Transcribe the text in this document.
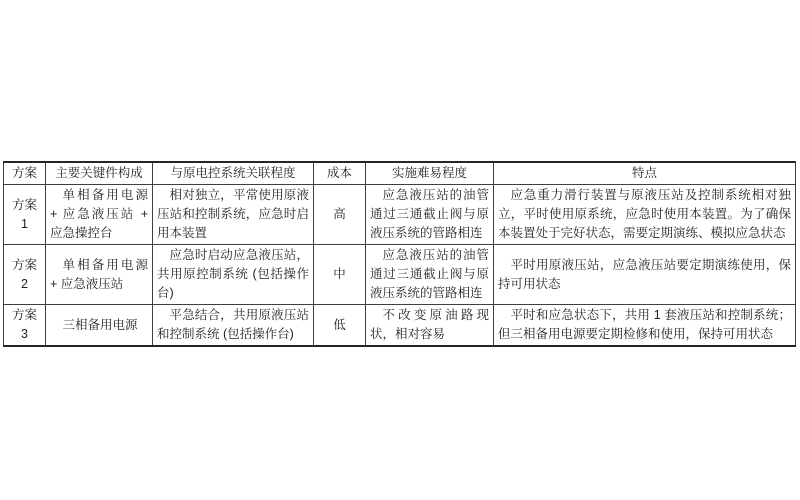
方案	主要关键件构成	与原电控系统关联程度	成本	实施难易程度	特点
方案 1	单相备用电源 + 应急液压站 + 应急操控台	相对独立，平常使用原液压站和控制系统，应急时启用本装置	高	应急液压站的油管通过三通截止阀与原液压系统的管路相连	应急重力滑行装置与原液压站及控制系统相对独立，平时使用原系统，应急时使用本装置。为了确保本装置处于完好状态，需要定期演练、模拟应急状态
方案 2	单相备用电源 + 应急液压站	应急时启动应急液压站，共用原控制系统 (包括操作台)	中	应急液压站的油管通过三通截止阀与原液压系统的管路相连	平时用原液压站，应急液压站要定期演练使用，保持可用状态
方案 3	三相备用电源	平急结合，共用原液压站和控制系统 (包括操作台)	低	不改变原油路现状，相对容易	平时和应急状态下，共用 1 套液压站和控制系统；但三相备用电源要定期检修和使用，保持可用状态
